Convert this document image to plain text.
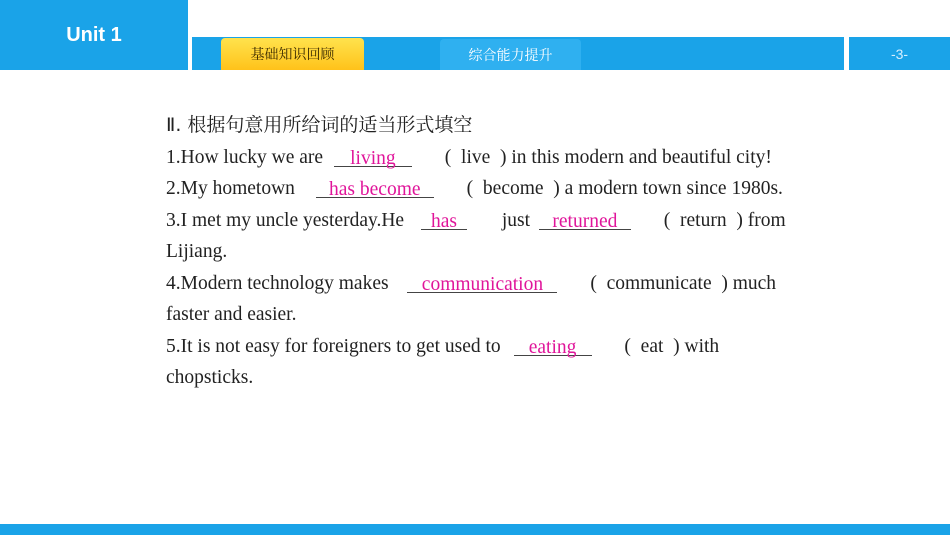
Unit 1
基础知识回顾	综合能力提升	-3-
Ⅱ. 根据句意用所给词的适当形式填空
1.How lucky we are living	(  live  ) in this modern and beautiful city!
2.My hometown has become (  become  ) a modern town since 1980s.
3.I met my uncle yesterday.He has just returned (  return  ) from Lijiang.
4.Modern technology makes communication (  communicate  ) much faster and easier.
5.It is not easy for foreigners to get used to eating (  eat  ) with chopsticks.
